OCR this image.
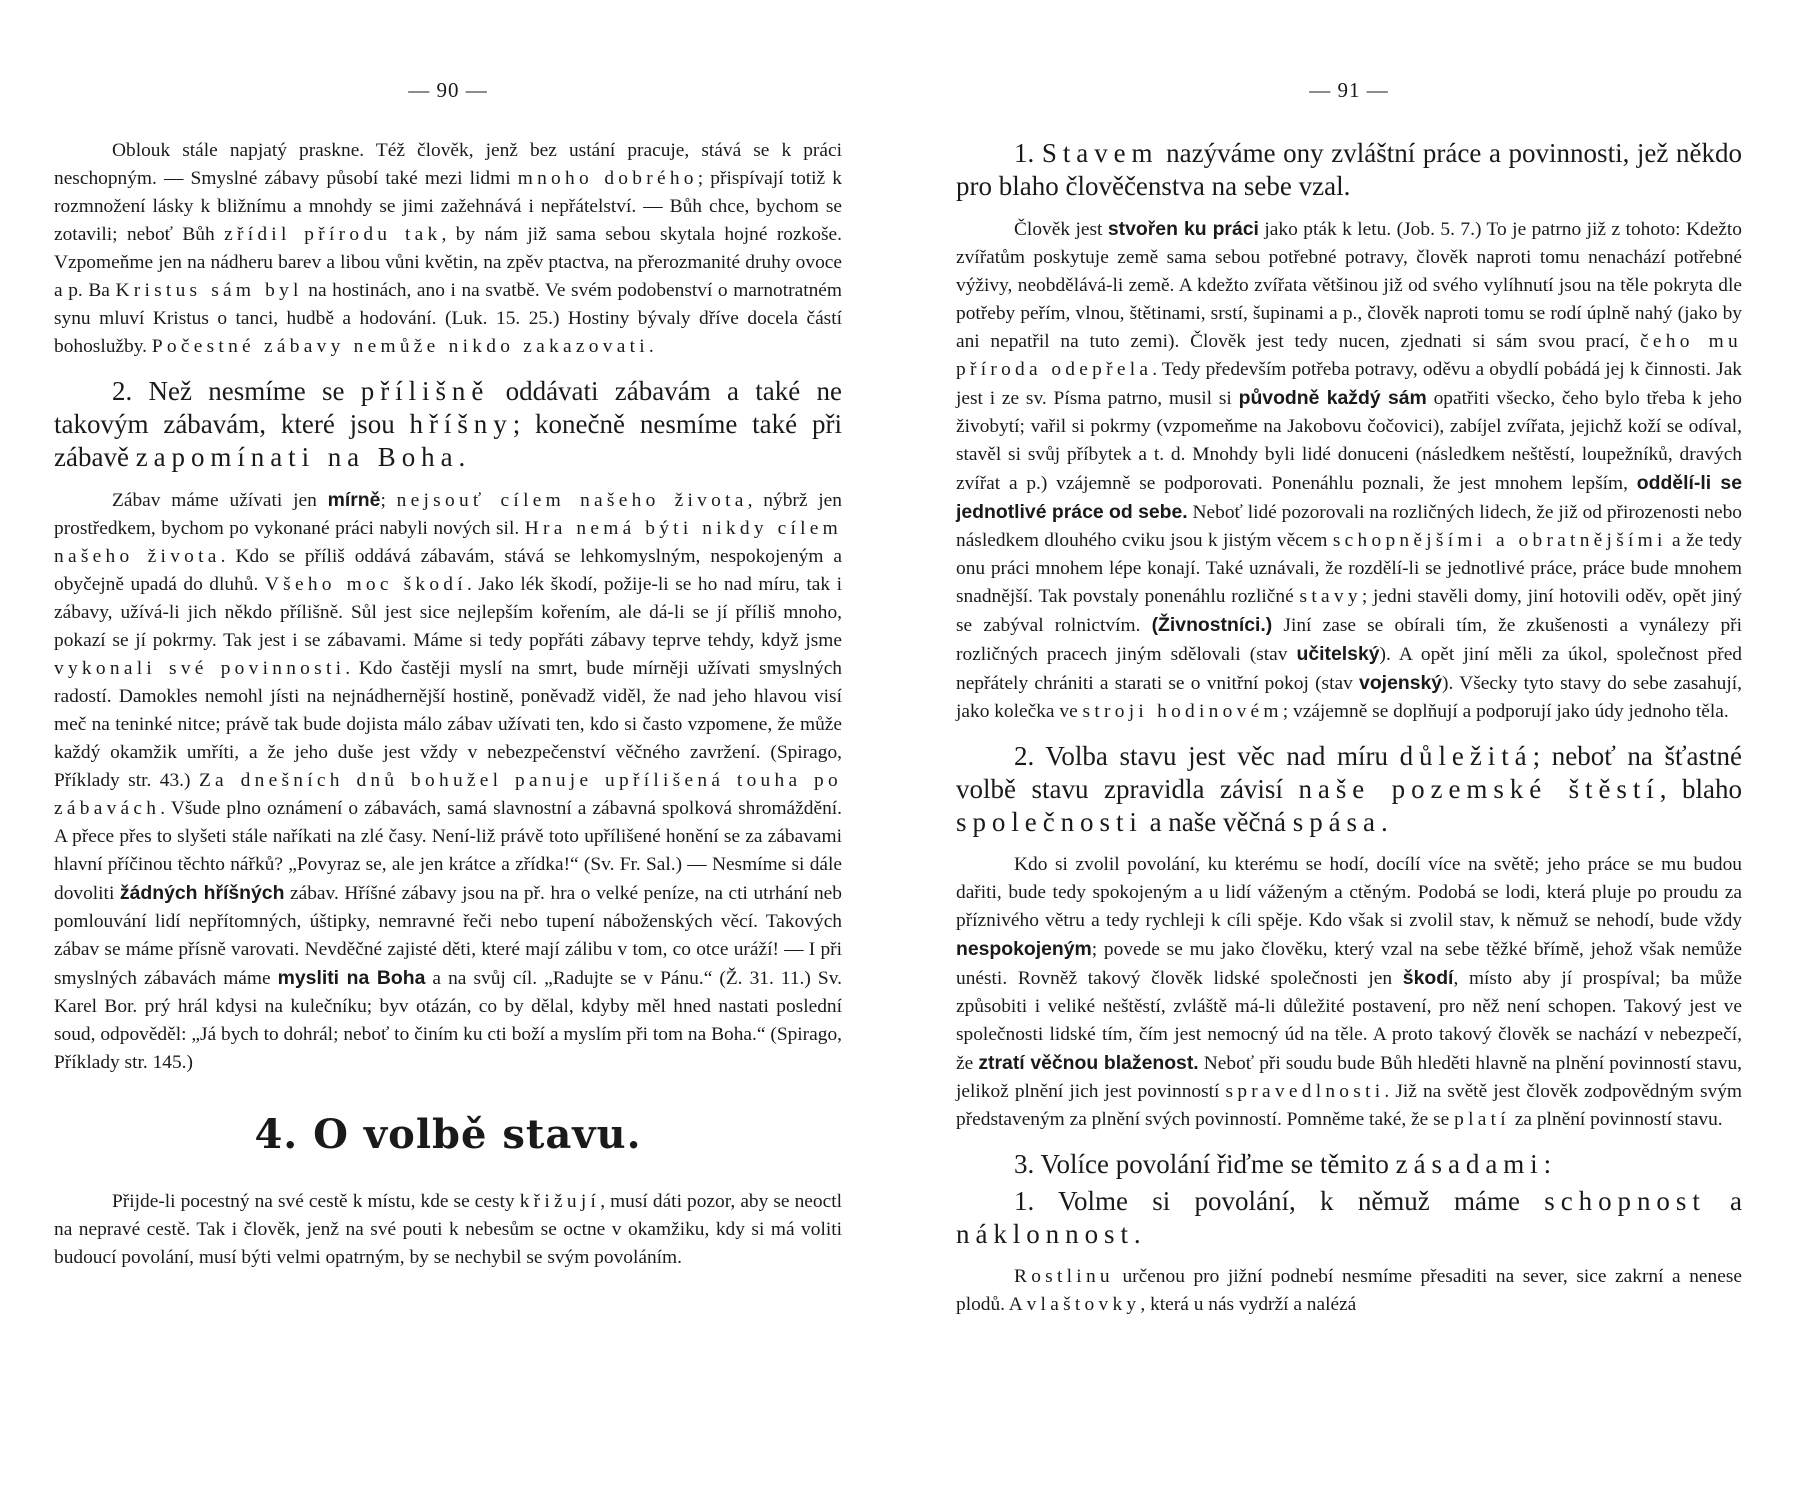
— 90 —

Oblouk stále napjatý praskne. Též člověk, jenž bez ustání pracuje, stává se k práci neschopným. — Smyslné zábavy působí také mezi lidmi mnoho dobrého; přispívají totiž k rozmnožení lásky k bližnímu a mnohdy se jimi zažehnává i nepřátelství. — Bůh chce, bychom se zotavili; neboť Bůh zřídil přírodu tak, by nám již sama sebou skytala hojné rozkoše. Vzpomeňme jen na nádheru barev a libou vůni květin, na zpěv ptactva, na přerozmanité druhy ovoce a p. Ba Kristus sám byl na hostinách, ano i na svatbě. Ve svém podobenství o marnotratném synu mluví Kristus o tanci, hudbě a hodování. (Luk. 15. 25.) Hostiny bývaly dříve docela částí bohoslužby. Počestné zábavy nemůže nikdo zakazovati.

2. Než nesmíme se přílišně oddávati zábavám a také ne takovým zábavám, které jsou hříšny; konečně nesmíme také při zábavě zapomínati na Boha.

Zábav máme užívati jen mírně; nejsouť cílem našeho života, nýbrž jen prostředkem, bychom po vykonané práci nabyli nových sil. Hra nemá býti nikdy cílem našeho života. Kdo se příliš oddává zábavám, stává se lehkomyslným, nespokojeným a obyčejně upadá do dluhů. Všeho moc škodí. Jako lék škodí, požije-li se ho nad míru, tak i zábavy, užívá-li jich někdo přílišně. Sůl jest sice nejlepším kořením, ale dá-li se jí příliš mnoho, pokazí se jí pokrmy. Tak jest i se zábavami. Máme si tedy popřáti zábavy teprve tehdy, když jsme vykonali své povinnosti. Kdo častěji myslí na smrt, bude mírněji užívati smyslných radostí. Damokles nemohl jísti na nejnádhernější hostině, poněvadž viděl, že nad jeho hlavou visí meč na teninké nitce; právě tak bude dojista málo zábav užívati ten, kdo si často vzpomene, že může každý okamžik umříti, a že jeho duše jest vždy v nebezpečenství věčného zavržení. (Spirago, Příklady str. 43.) Za dnešních dnů bohužel panuje upřílišená touha po zábavách. Všude plno oznámení o zábavách, samá slavnostní a zábavná spolková shromáždění. A přece přes to slyšeti stále naříkati na zlé časy. Není-liž právě toto upřílišené honění se za zábavami hlavní příčinou těchto nářků? „Povyraz se, ale jen krátce a zřídka!“ (Sv. Fr. Sal.) — Nesmíme si dále dovoliti žádných hříšných zábav. Hříšné zábavy jsou na př. hra o velké peníze, na cti utrhání neb pomlouvání lidí nepřítomných, úštipky, nemravné řeči nebo tupení náboženských věcí. Takových zábav se máme přísně varovati. Nevděčné zajisté děti, které mají zálibu v tom, co otce uráží! — I při smyslných zábavách máme mysliti na Boha a na svůj cíl. „Radujte se v Pánu.“ (Ž. 31. 11.) Sv. Karel Bor. prý hrál kdysi na kulečníku; byv otázán, co by dělal, kdyby měl hned nastati poslední soud, odpověděl: „Já bych to dohrál; neboť to činím ku cti boží a myslím při tom na Boha.“ (Spirago, Příklady str. 145.)

4. O volbě stavu.

Přijde-li pocestný na své cestě k místu, kde se cesty křižují, musí dáti pozor, aby se neoctl na nepravé cestě. Tak i člověk, jenž na své pouti k nebesům se octne v okamžiku, kdy si má voliti budoucí povolání, musí býti velmi opatrným, by se nechybil se svým povoláním.

— 91 —

1. Stavem nazýváme ony zvláštní práce a povinnosti, jež někdo pro blaho člověčenstva na sebe vzal.

Člověk jest stvořen ku práci jako pták k letu. (Job. 5. 7.) To je patrno již z tohoto: Kdežto zvířatům poskytuje země sama sebou potřebné potravy, člověk naproti tomu nenachází potřebné výživy, neobdělává-li země. A kdežto zvířata většinou již od svého vylíhnutí jsou na těle pokryta dle potřeby peřím, vlnou, štětinami, srstí, šupinami a p., člověk naproti tomu se rodí úplně nahý (jako by ani nepatřil na tuto zemi). Člověk jest tedy nucen, zjednati si sám svou prací, čeho mu příroda odepřela. Tedy především potřeba potravy, oděvu a obydlí pobádá jej k činnosti. Jak jest i ze sv. Písma patrno, musil si původně každý sám opatřiti všecko, čeho bylo třeba k jeho živobytí; vařil si pokrmy (vzpomeňme na Jakobovu čočovici), zabíjel zvířata, jejichž koží se odíval, stavěl si svůj příbytek a t. d. Mnohdy byli lidé donuceni (následkem neštěstí, loupežníků, dravých zvířat a p.) vzájemně se podporovati. Ponenáhlu poznali, že jest mnohem lepším, oddělí-li se jednotlivé práce od sebe. Neboť lidé pozorovali na rozličných lidech, že již od přirozenosti nebo následkem dlouhého cviku jsou k jistým věcem schopnějšími a obratnějšími a že tedy onu práci mnohem lépe konají. Také uznávali, že rozdělí-li se jednotlivé práce, práce bude mnohem snadnější. Tak povstaly ponenáhlu rozličné stavy; jedni stavěli domy, jiní hotovili oděv, opět jiný se zabýval rolnictvím. (Živnostníci.) Jiní zase se obírali tím, že zkušenosti a vynálezy při rozličných pracech jiným sdělovali (stav učitelský). A opět jiní měli za úkol, společnost před nepřátely chrániti a starati se o vnitřní pokoj (stav vojenský). Všecky tyto stavy do sebe zasahují, jako kolečka ve stroji hodinovém; vzájemně se doplňují a podporují jako údy jednoho těla.

2. Volba stavu jest věc nad míru důležitá; neboť na šťastné volbě stavu zpravidla závisí naše pozemské štěstí, blaho společnosti a naše věčná spása.

Kdo si zvolil povolání, ku kterému se hodí, docílí více na světě; jeho práce se mu budou dařiti, bude tedy spokojeným a u lidí váženým a ctěným. Podobá se lodi, která pluje po proudu za příznivého větru a tedy rychleji k cíli spěje. Kdo však si zvolil stav, k němuž se nehodí, bude vždy nespokojeným; povede se mu jako člověku, který vzal na sebe těžké břímě, jehož však nemůže unésti. Rovněž takový člověk lidské společnosti jen škodí, místo aby jí prospíval; ba může způsobiti i veliké neštěstí, zvláště má-li důležité postavení, pro něž není schopen. Takový jest ve společnosti lidské tím, čím jest nemocný úd na těle. A proto takový člověk se nachází v nebezpečí, že ztratí věčnou blaženost. Neboť při soudu bude Bůh hleděti hlavně na plnění povinností stavu, jelikož plnění jich jest povinností spravedlnosti. Již na světě jest člověk zodpovědným svým představeným za plnění svých povinností. Pomněme také, že se platí za plnění povinností stavu.

3. Volíce povolání řiďme se těmito zásadami:

1. Volme si povolání, k němuž máme schopnost a náklonnost.

Rostlinu určenou pro jižní podnebí nesmíme přesaditi na sever, sice zakrní a nenese plodů. A vlaštovky, která u nás vydrží a nalézá
